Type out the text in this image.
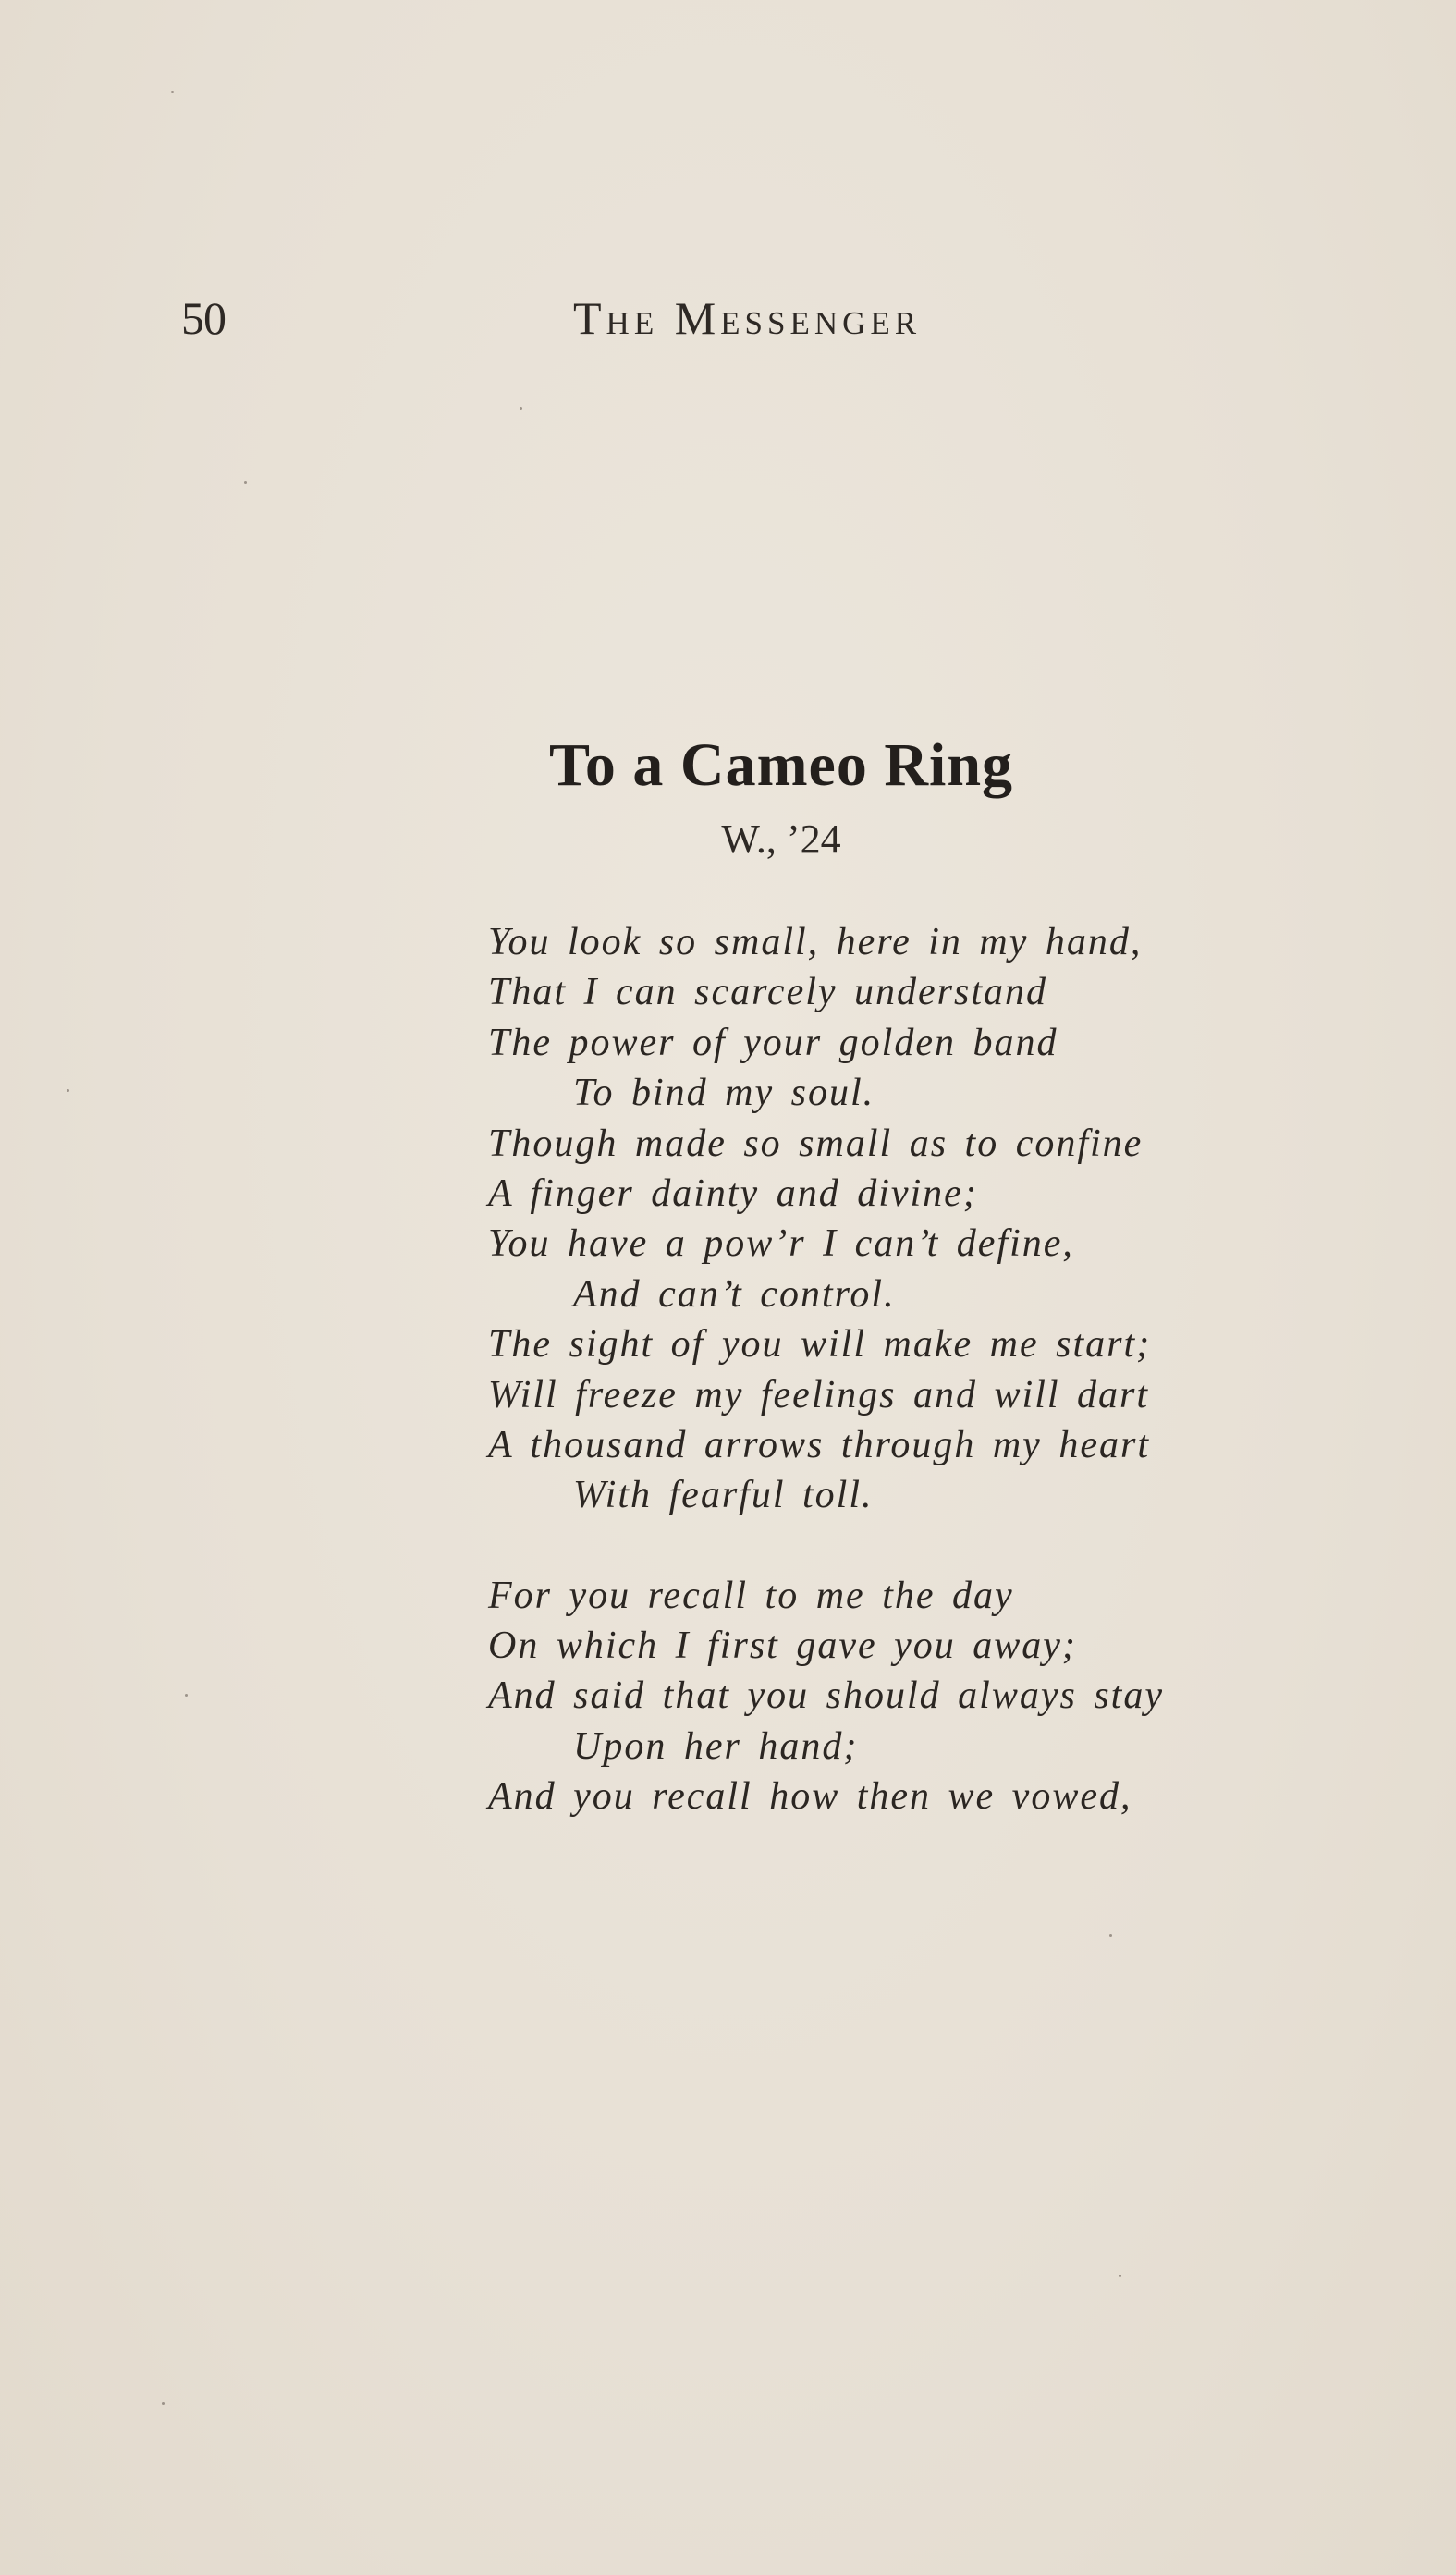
50	The Messenger
To a Cameo Ring
W., ’24
You look so small, here in my hand,
That I can scarcely understand
The power of your golden band
To bind my soul.
Though made so small as to confine
A finger dainty and divine;
You have a pow’r I can’t define,
And can’t control.
The sight of you will make me start;
Will freeze my feelings and will dart
A thousand arrows through my heart
With fearful toll.
For you recall to me the day
On which I first gave you away;
And said that you should always stay
Upon her hand;
And you recall how then we vowed,
